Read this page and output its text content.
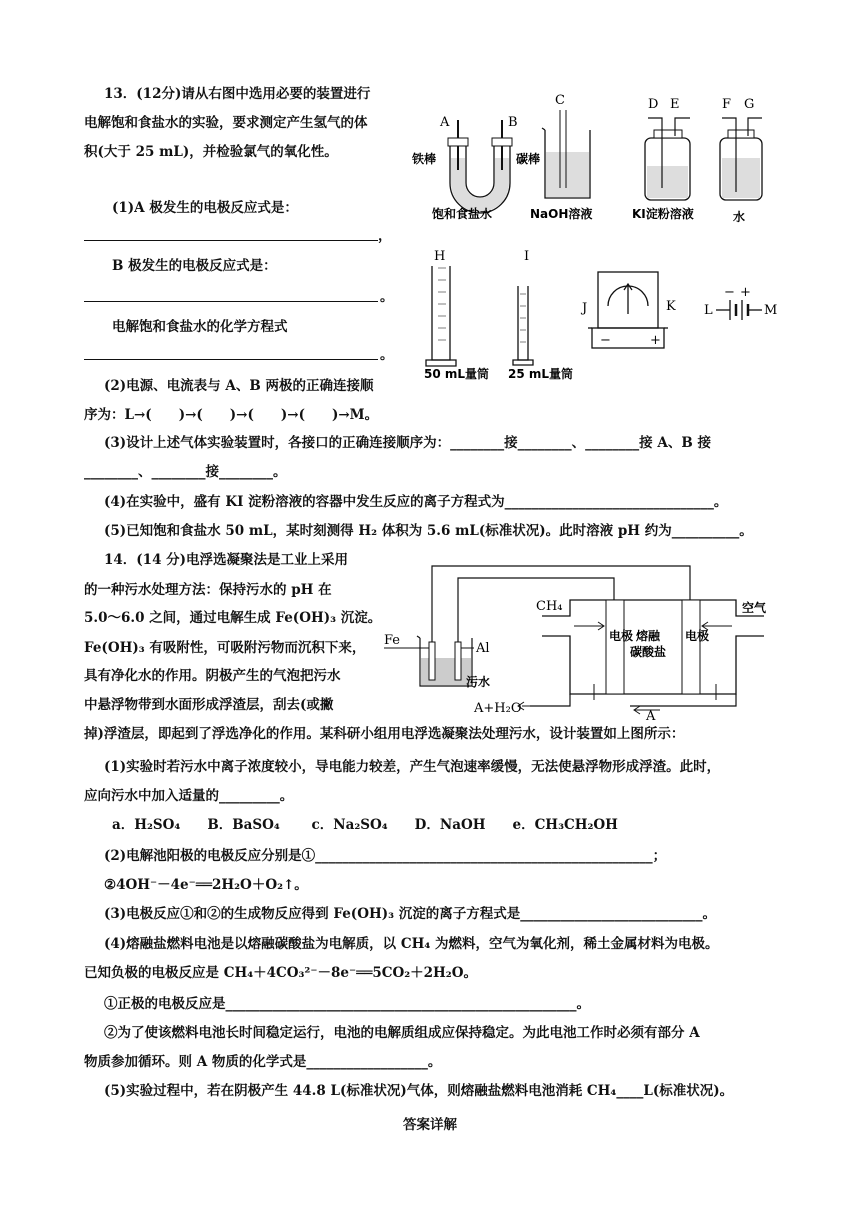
13．(12分)请从右图中选用必要的装置进行
电解饱和食盐水的实验，要求测定产生氢气的体
积(大于 25 mL)，并检验氯气的氧化性。
(1)A 极发生的电极反应式是：
，
B 极发生的电极反应式是：
。
电解饱和食盐水的化学方程式
。
(2)电源、电流表与 A、B 两极的正确连接顺
序为：L→(　　)→(　　)→(　　)→(　　)→M。
(3)设计上述气体实验装置时，各接口的正确连接顺序为：________接________、________接 A、B 接
________、________接________。
(4)在实验中，盛有 KI 淀粉溶液的容器中发生反应的离子方程式为_______________________________。
(5)已知饱和食盐水 50 mL，某时刻测得 H₂ 体积为 5.6 mL(标准状况)。此时溶液 pH 约为__________。
A	B
铁棒	碳棒
饱和食盐水
C
NaOH溶液
D E
KI淀粉溶液
F G
水
H
50 mL量筒
I
25 mL量筒
J	K
−	+
L	M
− +
14．(14 分)电浮选凝聚法是工业上采用
的一种污水处理方法：保持污水的 pH 在
5.0～6.0 之间，通过电解生成 Fe(OH)₃ 沉淀。
Fe(OH)₃ 有吸附性，可吸附污物而沉积下来，
具有净化水的作用。阴极产生的气泡把污水
中悬浮物带到水面形成浮渣层，刮去(或撇
掉)浮渣层，即起到了浮选净化的作用。某科研小组用电浮选凝聚法处理污水，设计装置如上图所示：
(1)实验时若污水中离子浓度较小，导电能力较差，产生气泡速率缓慢，无法使悬浮物形成浮渣。此时，
应向污水中加入适量的_________。
a．H₂SO₄　　B．BaSO₄　　 c．Na₂SO₄　　D．NaOH　　e．CH₃CH₂OH
(2)电解池阳极的电极反应分别是①__________________________________________________；
②4OH⁻－4e⁻══2H₂O＋O₂↑。
(3)电极反应①和②的生成物反应得到 Fe(OH)₃ 沉淀的离子方程式是___________________________。
(4)熔融盐燃料电池是以熔融碳酸盐为电解质，以 CH₄ 为燃料，空气为氧化剂，稀土金属材料为电极。
已知负极的电极反应是 CH₄＋4CO₃²⁻－8e⁻══5CO₂＋2H₂O。
①正极的电极反应是____________________________________________________。
②为了使该燃料电池长时间稳定运行，电池的电解质组成应保持稳定。为此电池工作时必须有部分 A
物质参加循环。则 A 物质的化学式是__________________。
(5)实验过程中，若在阴极产生 44.8 L(标准状况)气体，则熔融盐燃料电池消耗 CH₄____L(标准状况)。
答案详解
Fe
Al
污水
电极	电极
熔融
碳酸盐
CH₄	空气
A+H₂O
A
